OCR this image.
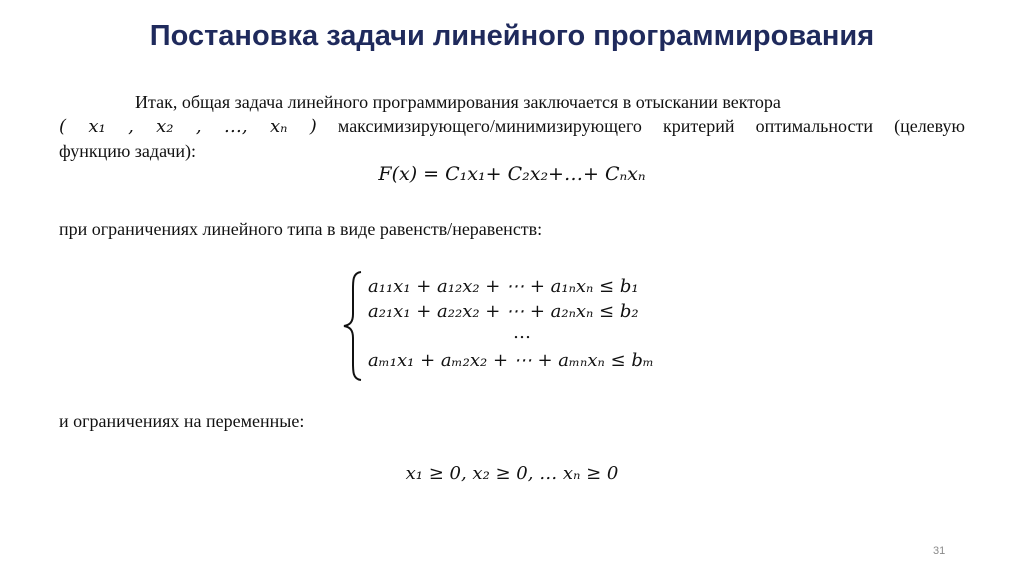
Постановка задачи линейного программирования
Итак, общая задача линейного программирования заключается в отыскании вектора
( x₁ , x₂ , …, xₙ ) максимизирующего/минимизирующего критерий оптимальности (целевую
функцию задачи):
F(x) = C₁x₁+ C₂x₂+…+ Cₙxₙ
при ограничениях линейного типа в виде равенств/неравенств:
a₁₁x₁ + a₁₂x₂ + ⋯ + a₁ₙxₙ ≤ b₁
a₂₁x₁ + a₂₂x₂ + ⋯ + a₂ₙxₙ ≤ b₂
…
aₘ₁x₁ + aₘ₂x₂ + ⋯ + aₘₙxₙ ≤ bₘ
и ограничениях на переменные:
x₁ ≥ 0, x₂ ≥ 0, … xₙ ≥ 0
31
